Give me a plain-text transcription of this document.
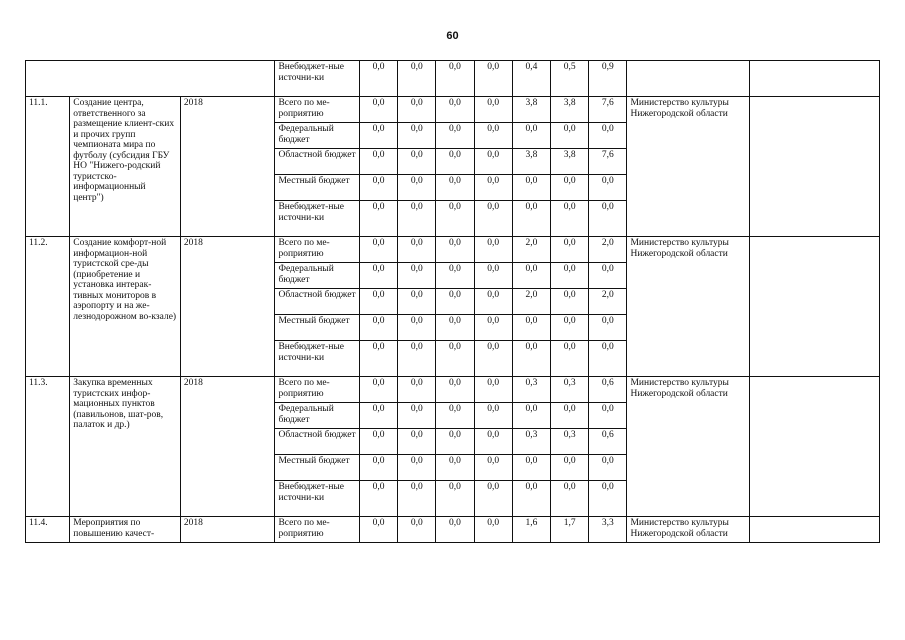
60
			Внебюджет-ные источни-ки	0,0	0,0	0,0	0,0	0,4	0,5	0,9		
11.1.	Создание центра, ответственного за размещение клиент-ских и прочих групп чемпионата мира по футболу (субсидия ГБУ НО "Нижего-родский туристско-информационный центр")	2018	Всего по ме-роприятию	0,0	0,0	0,0	0,0	3,8	3,8	7,6	Министерство культуры Нижегородской области	
			Федеральный бюджет	0,0	0,0	0,0	0,0	0,0	0,0	0,0		
			Областной бюджет	0,0	0,0	0,0	0,0	3,8	3,8	7,6		
			Местный бюджет	0,0	0,0	0,0	0,0	0,0	0,0	0,0		
			Внебюджет-ные источни-ки	0,0	0,0	0,0	0,0	0,0	0,0	0,0		
11.2.	Создание комфорт-ной информацион-ной туристской сре-ды (приобретение и установка интерак-тивных мониторов в аэропорту и на же-лезнодорожном во-кзале)	2018	Всего по ме-роприятию	0,0	0,0	0,0	0,0	2,0	0,0	2,0	Министерство культуры Нижегородской области	
			Федеральный бюджет	0,0	0,0	0,0	0,0	0,0	0,0	0,0		
			Областной бюджет	0,0	0,0	0,0	0,0	2,0	0,0	2,0		
			Местный бюджет	0,0	0,0	0,0	0,0	0,0	0,0	0,0		
			Внебюджет-ные источни-ки	0,0	0,0	0,0	0,0	0,0	0,0	0,0		
11.3.	Закупка временных туристских инфор-мационных пунктов (павильонов, шат-ров, палаток и др.)	2018	Всего по ме-роприятию	0,0	0,0	0,0	0,0	0,3	0,3	0,6	Министерство культуры Нижегородской области	
			Федеральный бюджет	0,0	0,0	0,0	0,0	0,0	0,0	0,0		
			Областной бюджет	0,0	0,0	0,0	0,0	0,3	0,3	0,6		
			Местный бюджет	0,0	0,0	0,0	0,0	0,0	0,0	0,0		
			Внебюджет-ные источни-ки	0,0	0,0	0,0	0,0	0,0	0,0	0,0		
11.4.	Мероприятия по повышению качест-	2018	Всего по ме-роприятию	0,0	0,0	0,0	0,0	1,6	1,7	3,3	Министерство культуры Нижегородской области	
